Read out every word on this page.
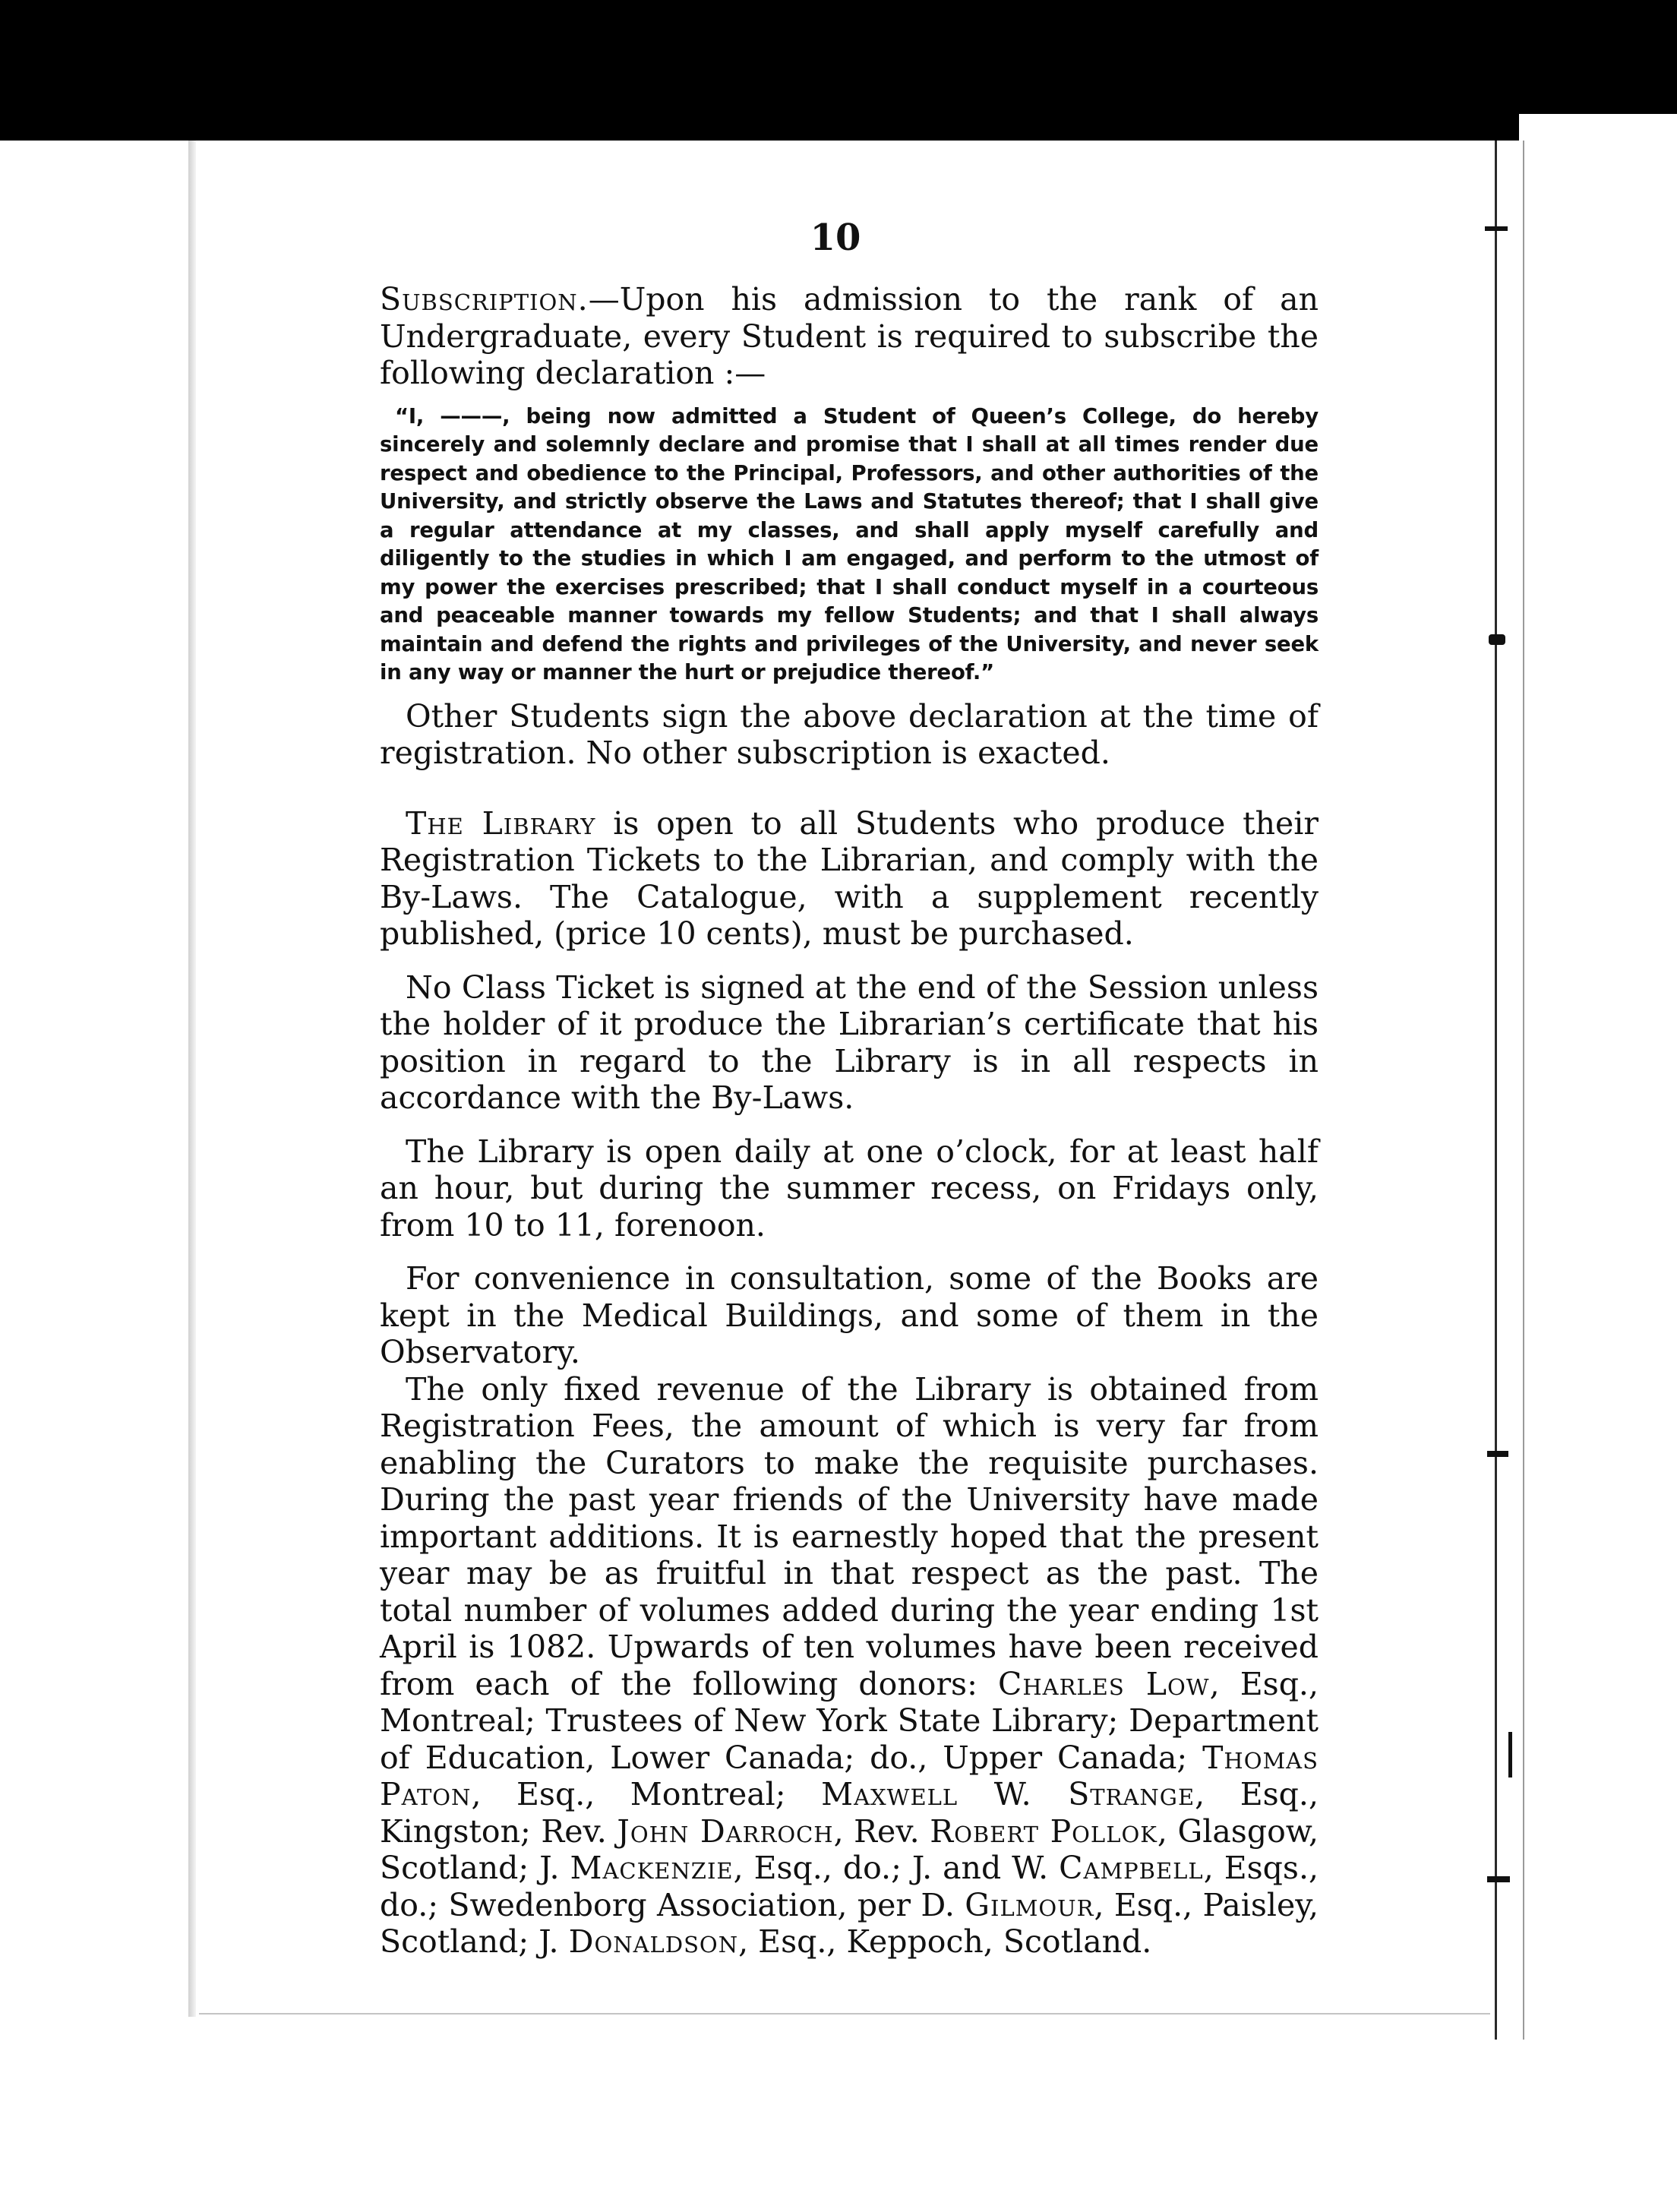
10

Subscription.—Upon his admission to the rank of an Undergraduate, every Student is required to subscribe the following declaration :—

“I, ———, being now admitted a Student of Queen’s College, do hereby sincerely and solemnly declare and promise that I shall at all times render due respect and obedience to the Principal, Professors, and other authorities of the University, and strictly observe the Laws and Statutes thereof; that I shall give a regular attendance at my classes, and shall apply myself carefully and diligently to the studies in which I am engaged, and perform to the utmost of my power the exercises prescribed; that I shall conduct myself in a courteous and peaceable manner towards my fellow Students; and that I shall always maintain and defend the rights and privileges of the University, and never seek in any way or manner the hurt or prejudice thereof.”

Other Students sign the above declaration at the time of registration. No other subscription is exacted.

The Library is open to all Students who produce their Registration Tickets to the Librarian, and comply with the By-Laws. The Catalogue, with a supplement recently published, (price 10 cents), must be purchased.

No Class Ticket is signed at the end of the Session unless the holder of it produce the Librarian’s certificate that his position in regard to the Library is in all respects in accordance with the By-Laws.

The Library is open daily at one o’clock, for at least half an hour, but during the summer recess, on Fridays only, from 10 to 11, forenoon.

For convenience in consultation, some of the Books are kept in the Medical Buildings, and some of them in the Observatory.

The only fixed revenue of the Library is obtained from Registration Fees, the amount of which is very far from enabling the Curators to make the requisite purchases. During the past year friends of the University have made important additions. It is earnestly hoped that the present year may be as fruitful in that respect as the past. The total number of volumes added during the year ending 1st April is 1082. Upwards of ten volumes have been received from each of the following donors: Charles Low, Esq., Montreal; Trustees of New York State Library; Department of Education, Lower Canada; do., Upper Canada; Thomas Paton, Esq., Montreal; Maxwell W. Strange, Esq., Kingston; Rev. John Darroch, Rev. Robert Pollok, Glasgow, Scotland; J. Mackenzie, Esq., do.; J. and W. Campbell, Esqs., do.; Swedenborg Association, per D. Gilmour, Esq., Paisley, Scotland; J. Donaldson, Esq., Keppoch, Scotland.
